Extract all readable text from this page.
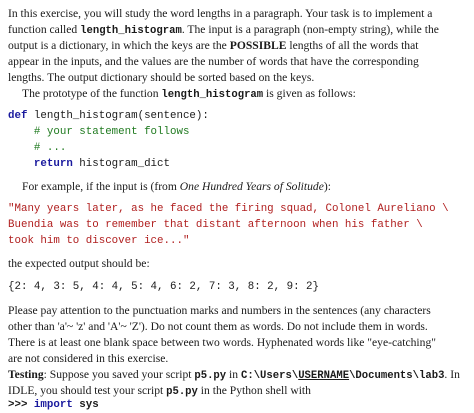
In this exercise, you will study the word lengths in a paragraph. Your task is to implement a
function called length_histogram. The input is a paragraph (non-empty string), while the
output is a dictionary, in which the keys are the POSSIBLE lengths of all the words that
appear in the inputs, and the values are the number of words that have the corresponding
lengths. The output dictionary should be sorted based on the keys.
The prototype of the function length_histogram is given as follows:
def length_histogram(sentence):
# your statement follows
# ...
return histogram_dict
For example, if the input is (from One Hundred Years of Solitude):
"Many years later, as he faced the firing squad, Colonel Aureliano \
Buendia was to remember that distant afternoon when his father \
took him to discover ice..."
the expected output should be:
{2: 4, 3: 5, 4: 4, 5: 4, 6: 2, 7: 3, 8: 2, 9: 2}
Please pay attention to the punctuation marks and numbers in the sentences (any characters
other than 'a'~ 'z' and 'A'~ 'Z'). Do not count them as words. Do not include them in words.
There is at least one blank space between two words. Hyphenated words like "eye-catching"
are not considered in this exercise.
Testing: Suppose you saved your script p5.py in C:\Users\USERNAME\Documents\lab3. In
IDLE, you should test your script p5.py in the Python shell with
>>> import sys
